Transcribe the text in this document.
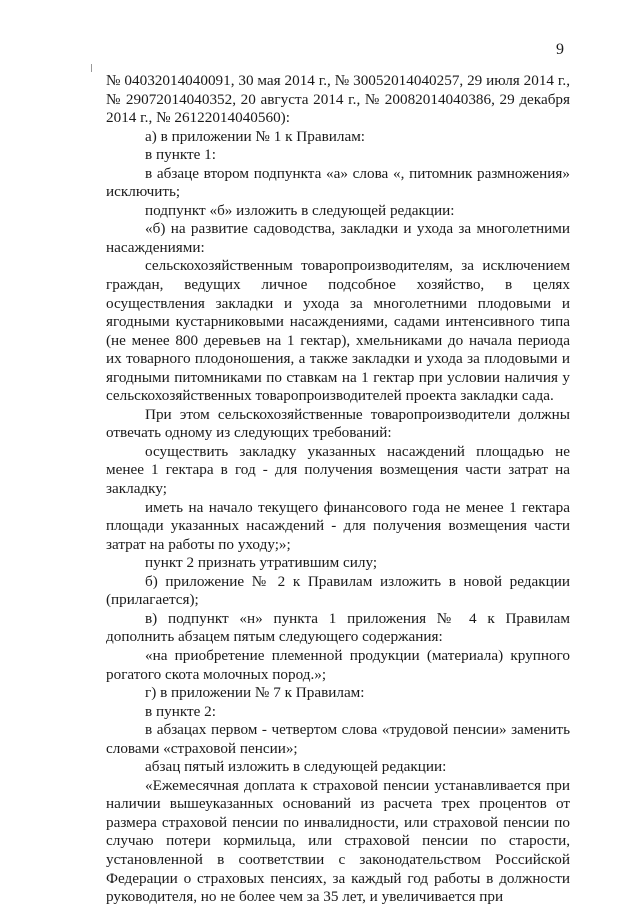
9

№ 04032014040091, 30 мая 2014 г., № 30052014040257, 29 июля 2014 г., № 29072014040352, 20 августа 2014 г., № 20082014040386, 29 декабря 2014 г., № 26122014040560):

а) в приложении № 1 к Правилам:

в пункте 1:

в абзаце втором подпункта «а» слова «, питомник размножения» исключить;

подпункт «б» изложить в следующей редакции:

«б) на развитие садоводства, закладки и ухода за многолетними насаждениями:

сельскохозяйственным товаропроизводителям, за исключением граждан, ведущих личное подсобное хозяйство, в целях осуществления закладки и ухода за многолетними плодовыми и ягодными кустарниковыми насаждениями, садами интенсивного типа (не менее 800 деревьев на 1 гектар), хмельниками до начала периода их товарного плодоношения, а также закладки и ухода за плодовыми и ягодными питомниками по ставкам на 1 гектар при условии наличия у сельскохозяйственных товаропроизводителей проекта закладки сада.

При этом сельскохозяйственные товаропроизводители должны отвечать одному из следующих требований:

осуществить закладку указанных насаждений площадью не менее 1 гектара в год - для получения возмещения части затрат на закладку;

иметь на начало текущего финансового года не менее 1 гектара площади указанных насаждений - для получения возмещения части затрат на работы по уходу;»;

пункт 2 признать утратившим силу;

б) приложение № 2 к Правилам изложить в новой редакции (прилагается);

в) подпункт «н» пункта 1 приложения № 4 к Правилам дополнить абзацем пятым следующего содержания:

«на приобретение племенной продукции (материала) крупного рогатого скота молочных пород.»;

г) в приложении № 7 к Правилам:

в пункте 2:

в абзацах первом - четвертом слова «трудовой пенсии» заменить словами «страховой пенсии»;

абзац пятый изложить в следующей редакции:

«Ежемесячная доплата к страховой пенсии устанавливается при наличии вышеуказанных оснований из расчета трех процентов от размера страховой пенсии по инвалидности, или страховой пенсии по случаю потери кормильца, или страховой пенсии по старости, установленной в соответствии с законодательством Российской Федерации о страховых пенсиях, за каждый год работы в должности руководителя, но не более чем за 35 лет, и увеличивается при
